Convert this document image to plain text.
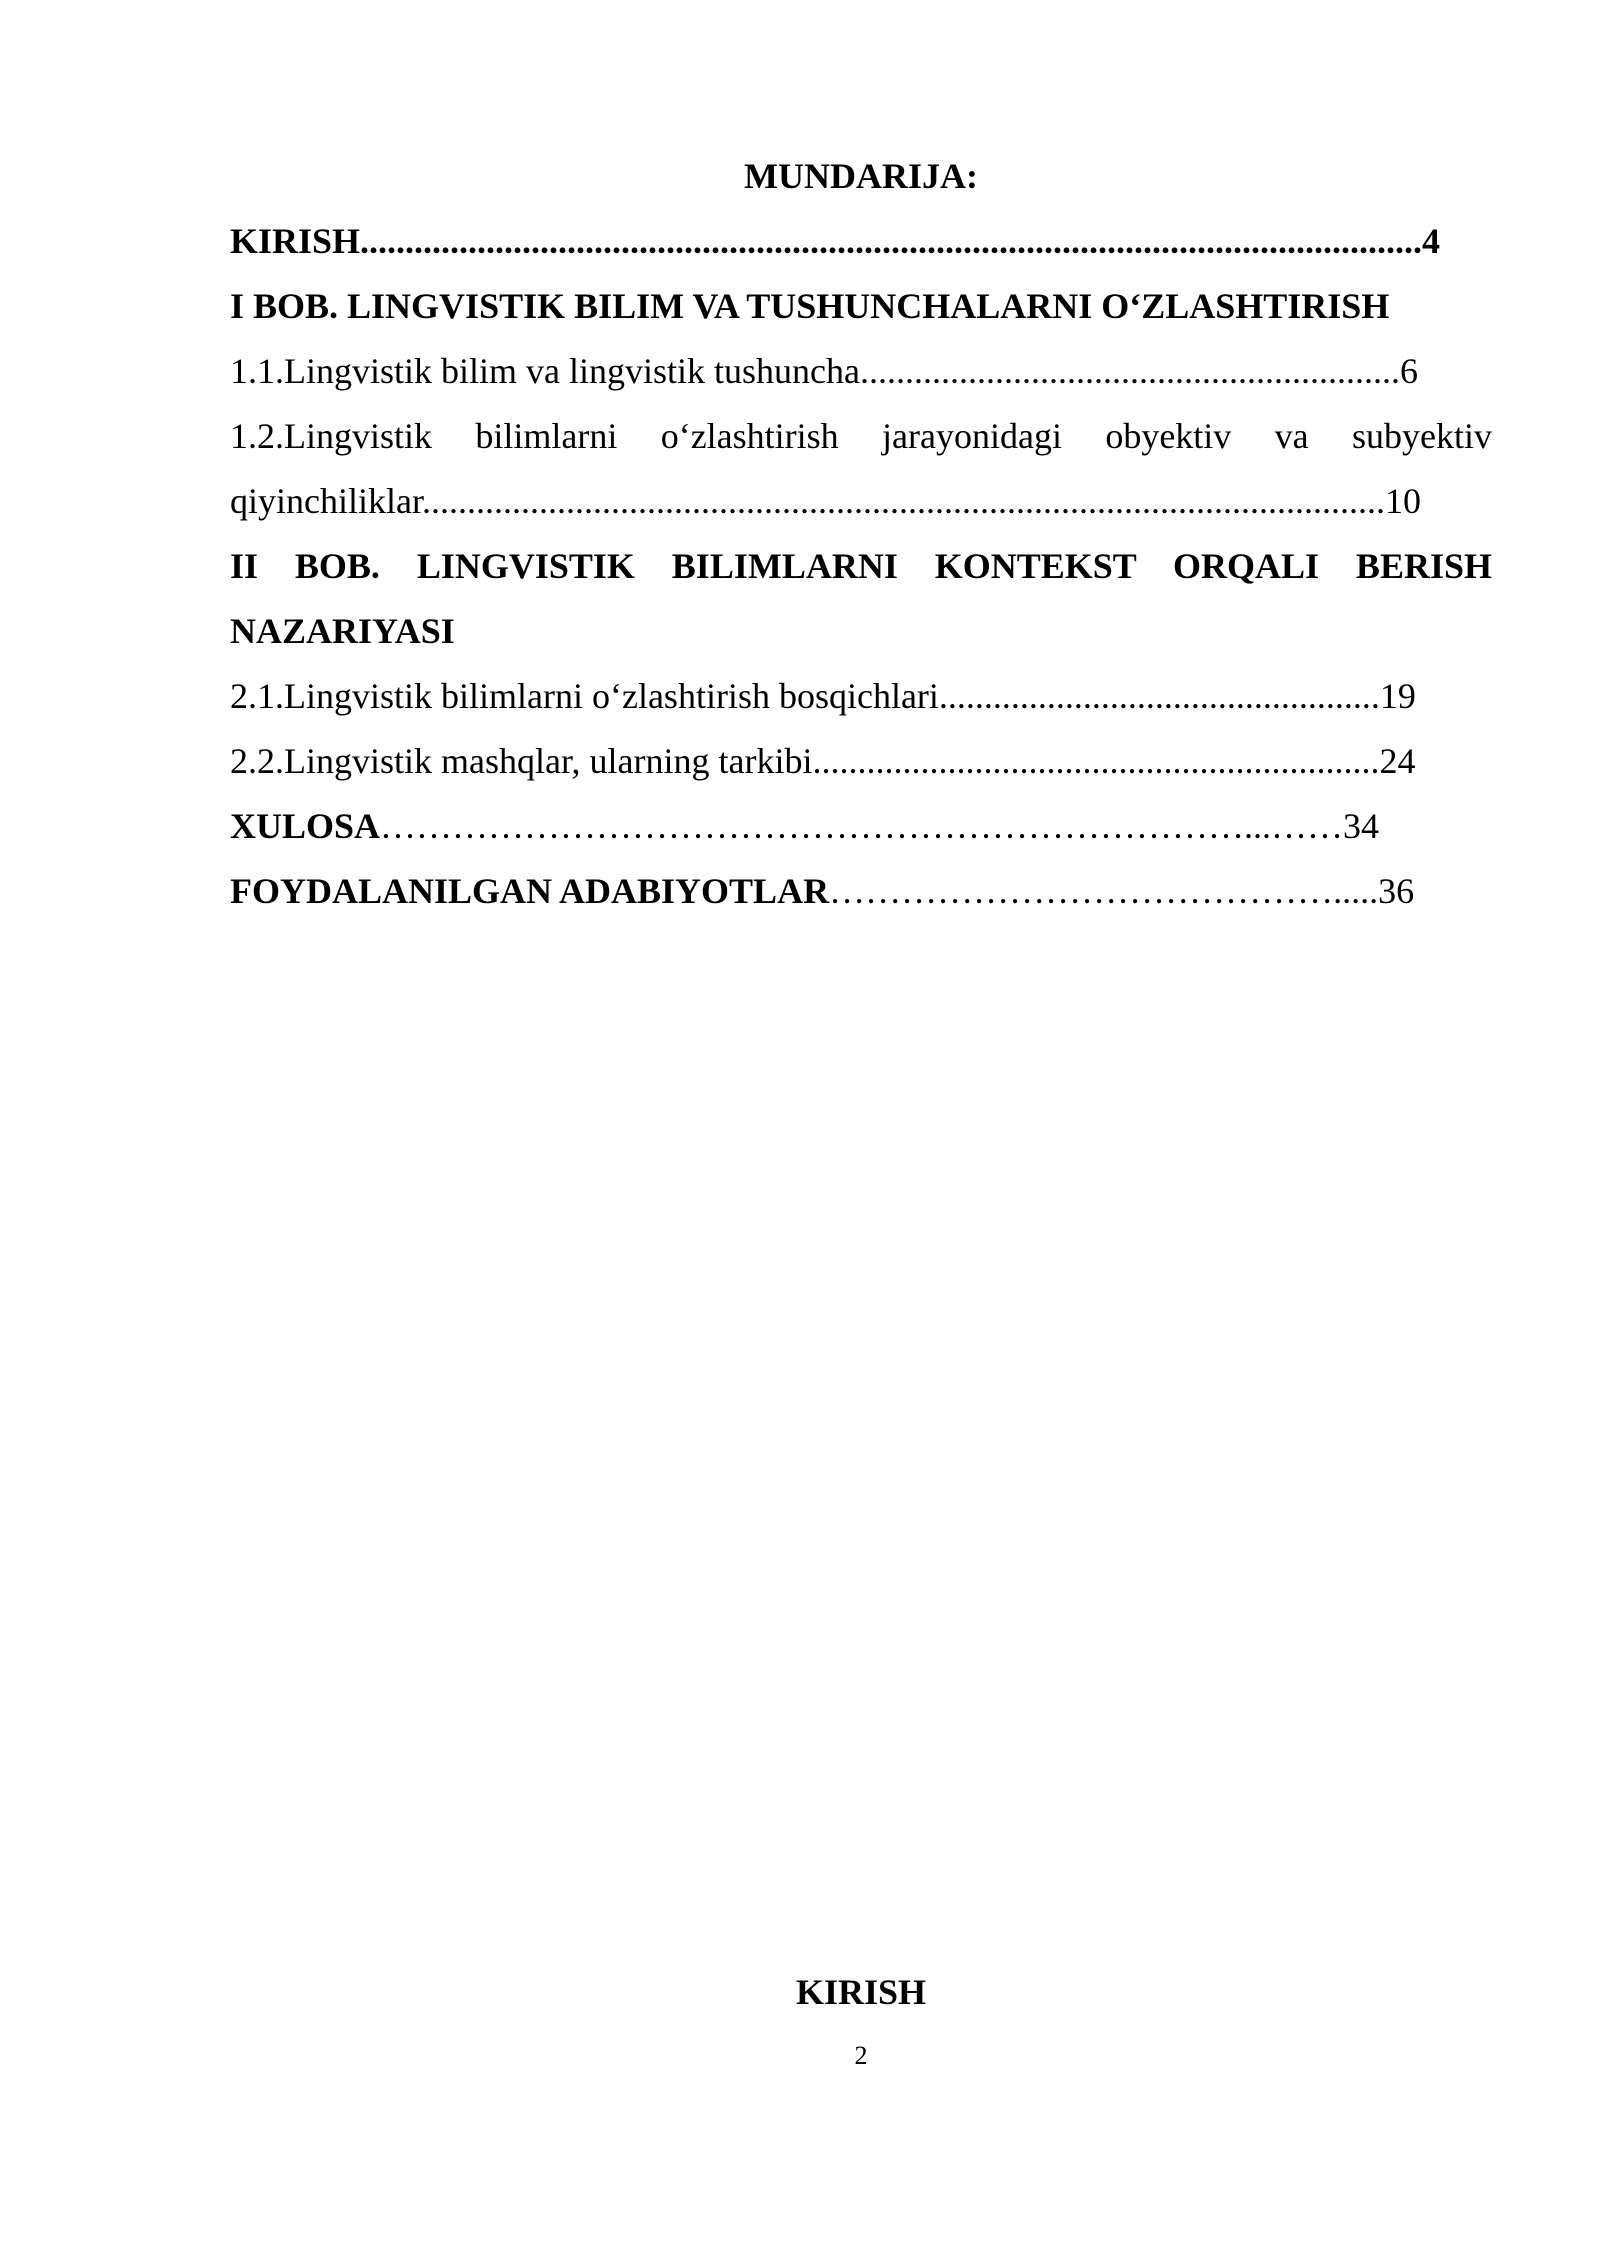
MUNDARIJA:
KIRISH......................................................................................................................4
I BOB. LINGVISTIK BILIM VA TUSHUNCHALARNI O‘ZLASHTIRISH
1.1.Lingvistik bilim va lingvistik tushuncha............................................................6
1.2.Lingvistik bilimlarni o‘zlashtirish jarayonidagi obyektiv va subyektiv
qiyinchiliklar...........................................................................................................10
II BOB. LINGVISTIK BILIMLARNI KONTEKST ORQALI BERISH
NAZARIYASI
2.1.Lingvistik bilimlarni o‘zlashtirish bosqichlari.................................................19
2.2.Lingvistik mashqlar, ularning tarkibi...............................................................24
XULOSA………………………………………………………………...……34
FOYDALANILGAN ADABIYOTLAR…………………………………….....36
KIRISH
2
